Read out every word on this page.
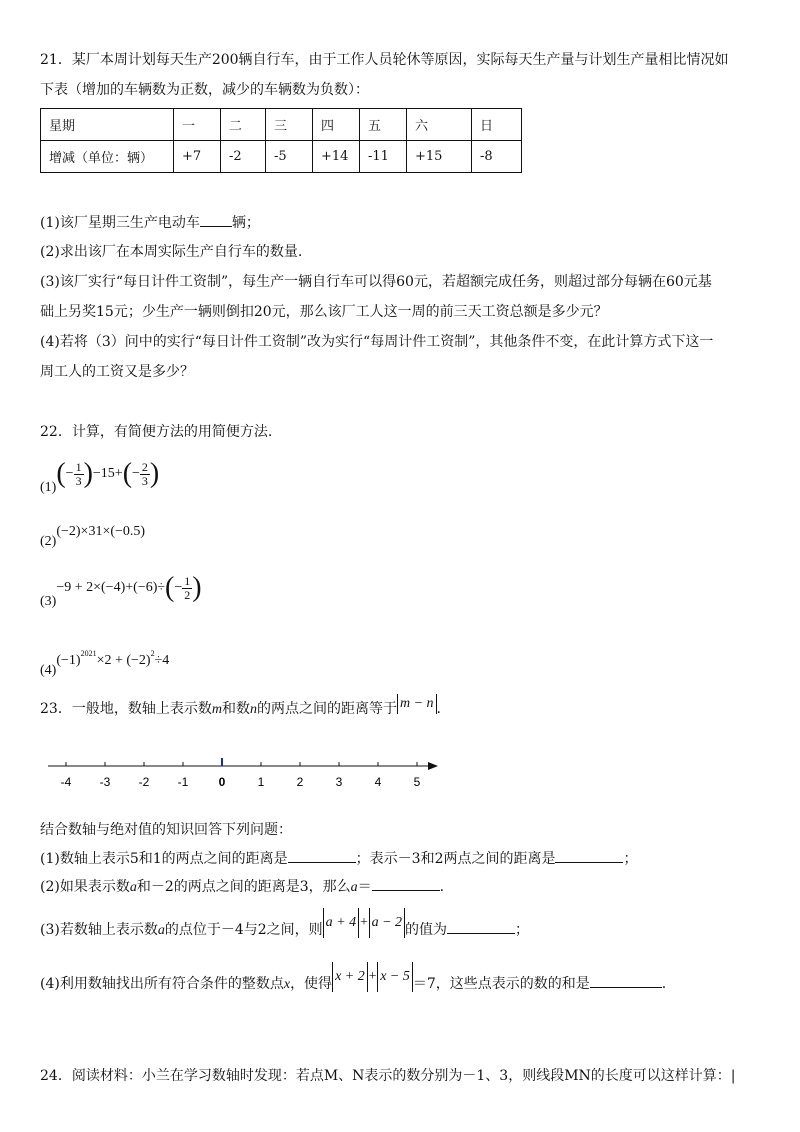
21．某厂本周计划每天生产200辆自行车，由于工作人员轮休等原因，实际每天生产量与计划生产量相比情况如
下表（增加的车辆数为正数，减少的车辆数为负数）：
星期	一	二	三	四	五	六	日
增减（单位：辆）	+7	-2	-5	+14	-11	+15	-8
(1)该厂星期三生产电动车 辆；
(2)求出该厂在本周实际生产自行车的数量.
(3)该厂实行“每日计件工资制”，每生产一辆自行车可以得60元，若超额完成任务，则超过部分每辆在60元基
础上另奖15元；少生产一辆则倒扣20元，那么该厂工人这一周的前三天工资总额是多少元？
(4)若将（3）问中的实行“每日计件工资制”改为实行“每周计件工资制”，其他条件不变，在此计算方式下这一
周工人的工资又是多少？
22．计算，有简便方法的用简便方法.
$(1)(- \frac{1}{3} )-15+(- \frac{2}{3}$ )
(2)(−2)×31×(−0.5)
$(3)-9 + 2\times(-4)+(-6)\div(- \frac{1}{2}$ )
$(4)(-1)^{2021}\times 2 + (-2)^2\div 4$
23．一般地，数轴上表示数m和数n的两点之间的距离等于 m − n .
-4 -3 -2 -1	0	1	2	3	4	5
结合数轴与绝对值的知识回答下列问题：
(1)数轴上表示5和1的两点之间的距离是	；表示－3和2两点之间的距离是	；
(2)如果表示数a和－2的两点之间的距离是3，那么a＝	.
(3)若数轴上表示数a的点位于－4与2之间，则 a + 4 + a − 2 的值为	；
(4)利用数轴找出所有符合条件的整数点x，使得 x + 2 + x − 5 ＝7，这些点表示的数的和是	.
24．阅读材料：小兰在学习数轴时发现：若点M、N表示的数分别为－1、3，则线段MN的长度可以这样计算：|
